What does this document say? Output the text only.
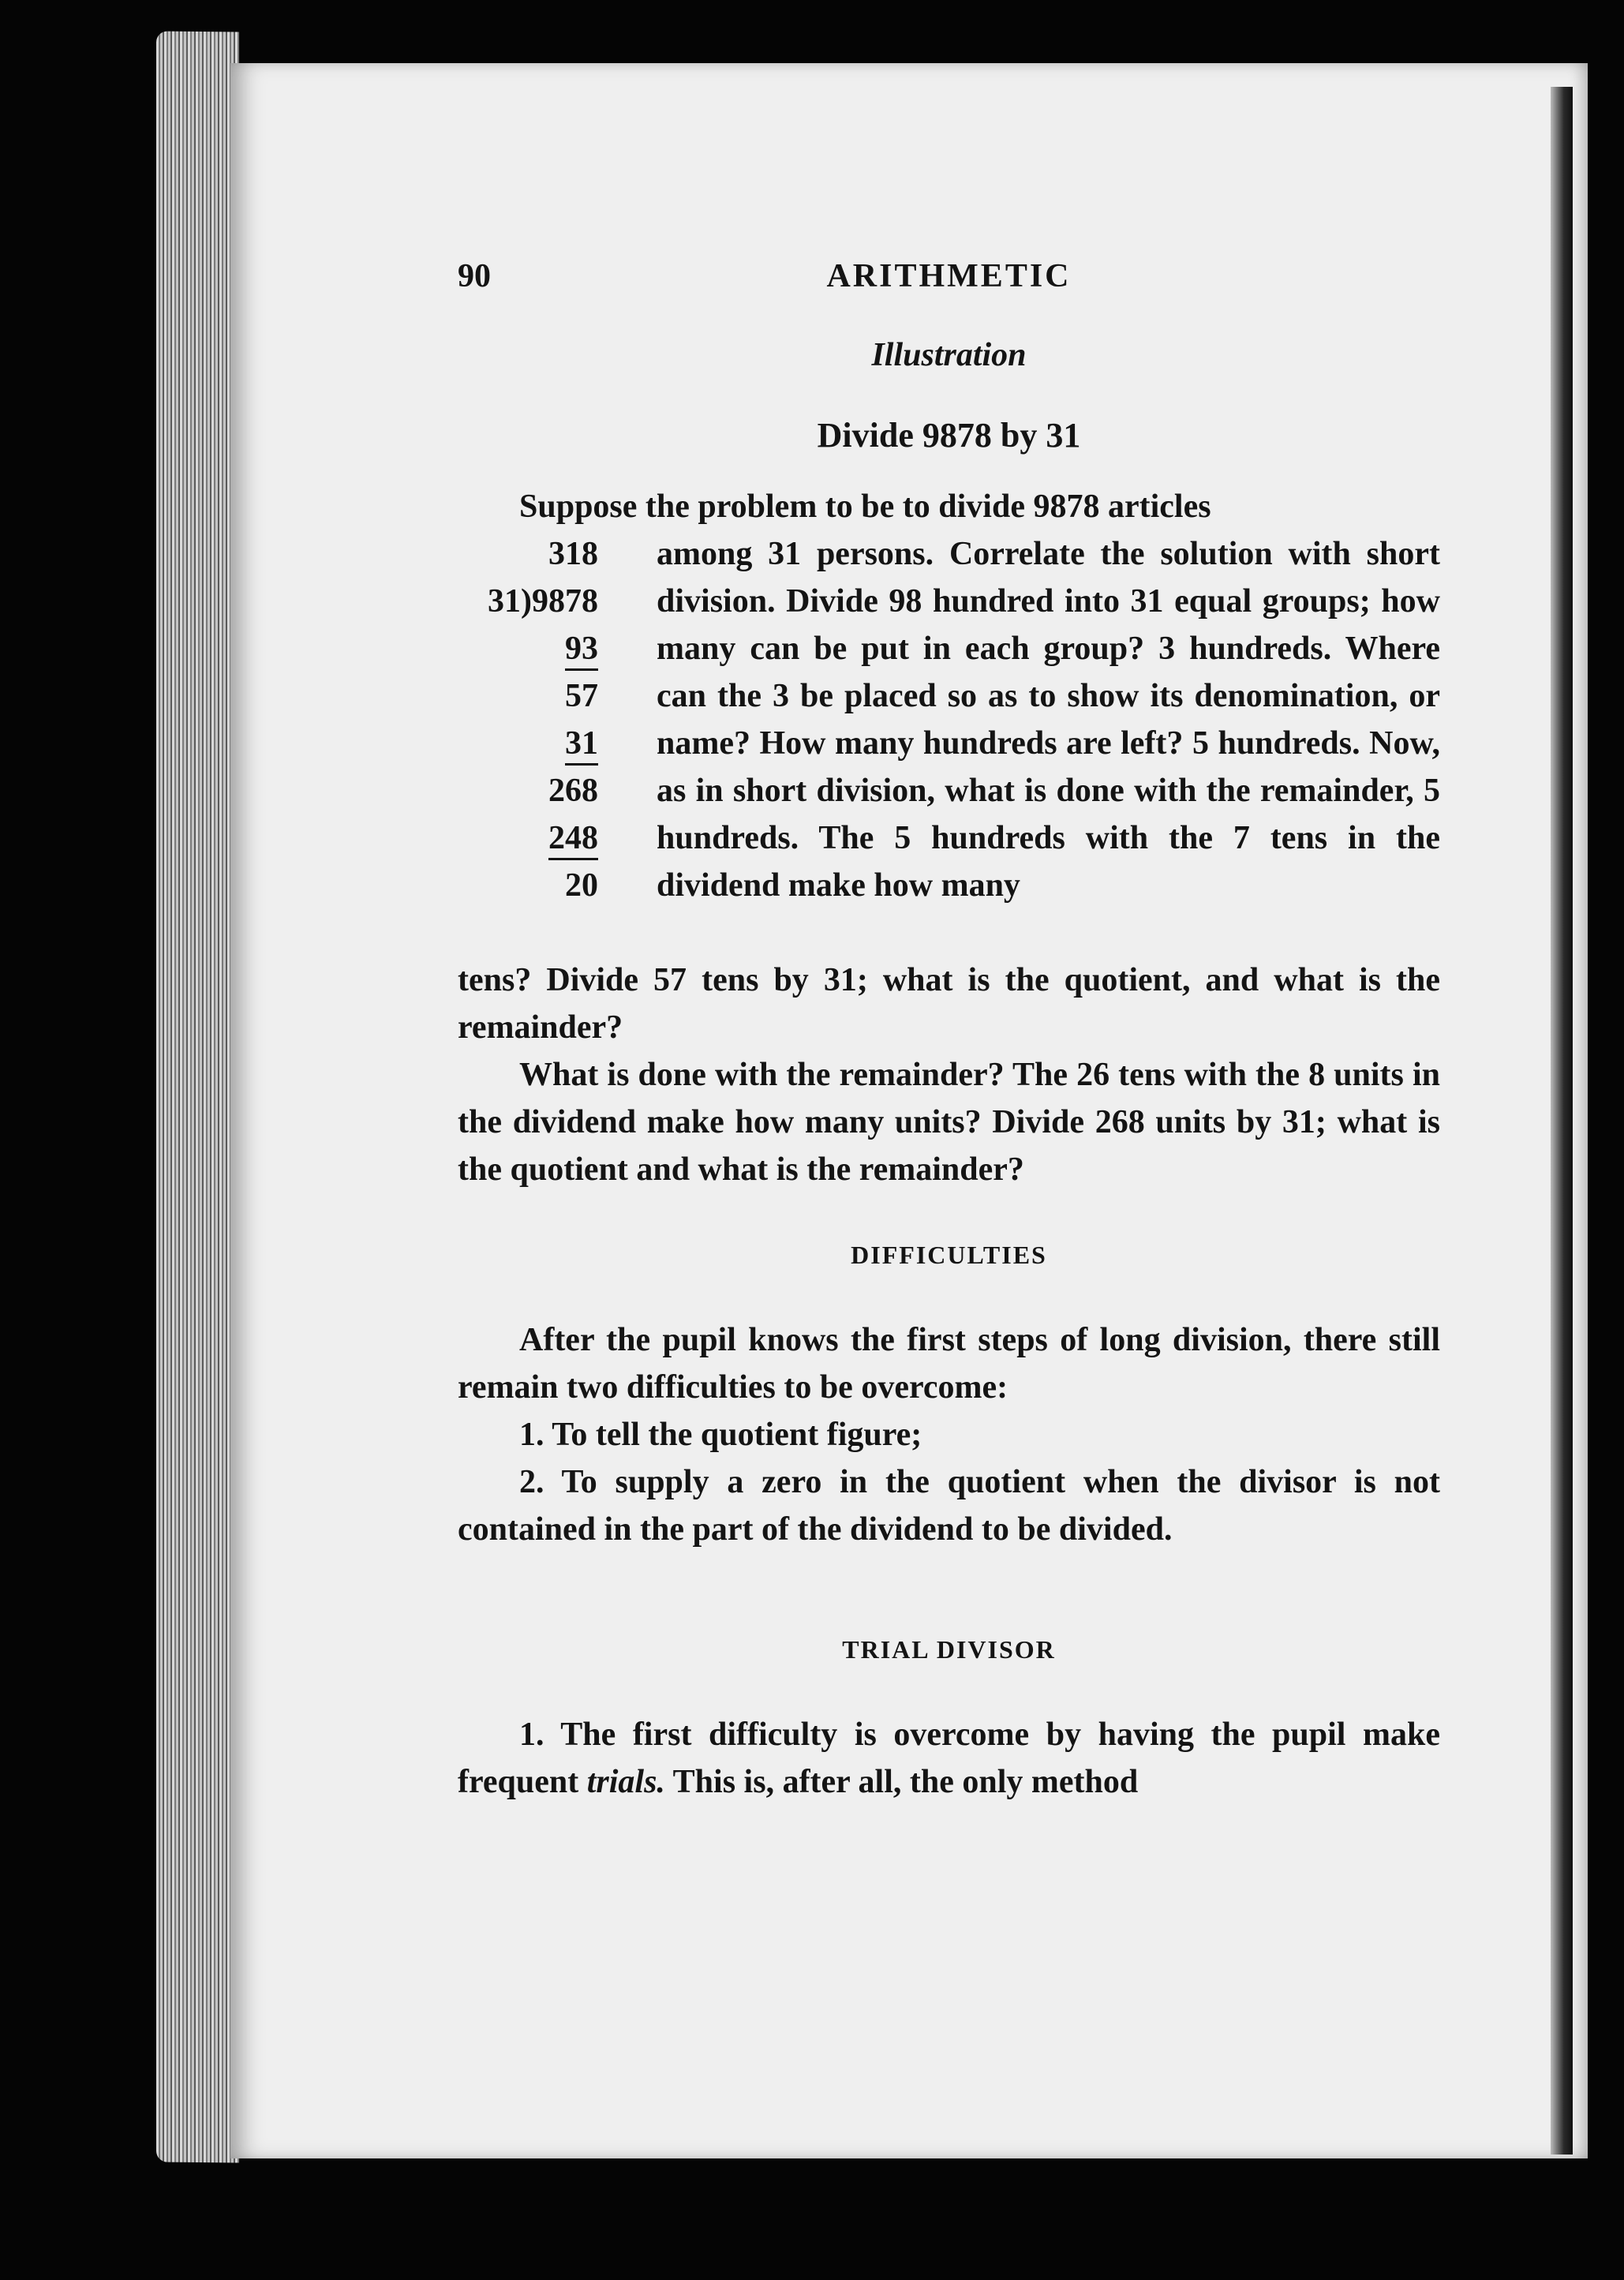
90	ARITHMETIC
Illustration
Divide 9878 by 31

Suppose the problem to be to divide 9878 articles

318
31)9878
93
57
31
268
248
20

among 31 persons. Correlate the solution with short division. Divide 98 hundred into 31 equal groups; how many can be put in each group? 3 hundreds. Where can the 3 be placed so as to show its denomination, or name? How many hundreds are left? 5 hundreds. Now, as in short division, what is done with the remainder, 5 hundreds. The 5 hundreds with the 7 tens in the dividend make how many

tens? Divide 57 tens by 31; what is the quotient, and what is the remainder?

What is done with the remainder? The 26 tens with the 8 units in the dividend make how many units? Divide 268 units by 31; what is the quotient and what is the remainder?

DIFFICULTIES

After the pupil knows the first steps of long division, there still remain two difficulties to be overcome:

1. To tell the quotient figure;

2. To supply a zero in the quotient when the divisor is not contained in the part of the dividend to be divided.

TRIAL DIVISOR

1. The first difficulty is overcome by having the pupil make frequent trials. This is, after all, the only method
